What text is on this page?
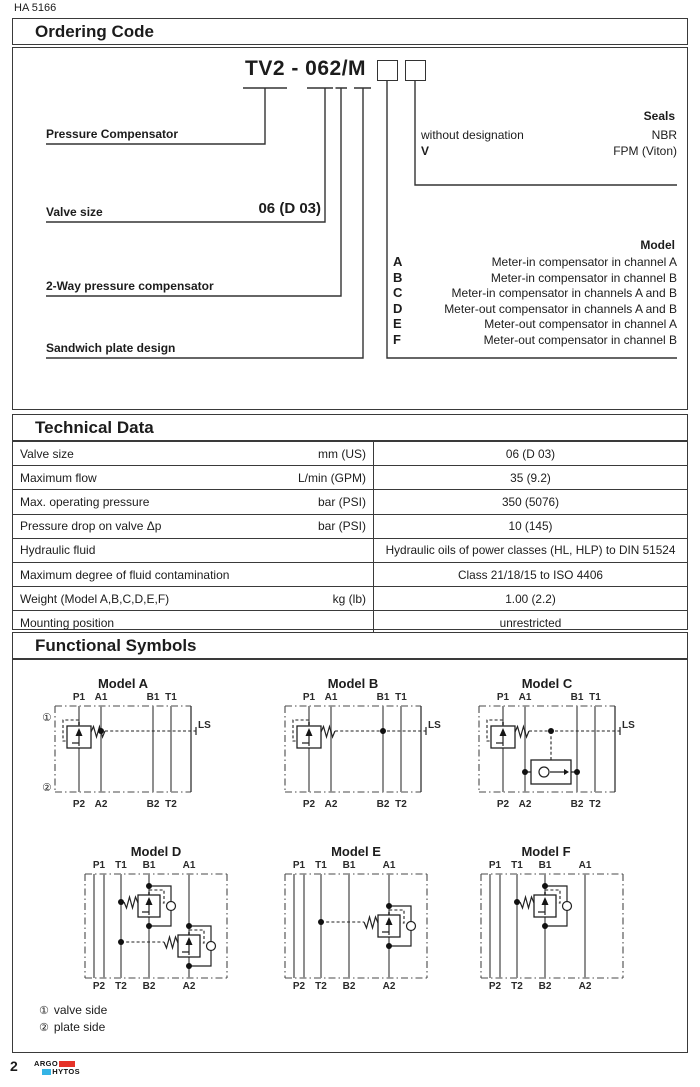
HA 5166
Ordering Code
TV2 - 062/M
Pressure Compensator
Valve size	06 (D 03)
2-Way pressure compensator
Sandwich plate design
Seals
without designation	NBR
V	FPM (Viton)
Model
A	Meter-in compensator in channel A
B	Meter-in compensator in channel B
C	Meter-in compensator in channels A and B
D	Meter-out compensator in channels A and B
E	Meter-out compensator in channel A
F	Meter-out compensator in channel B
Technical Data
Valve size	mm (US)	06 (D 03)
Maximum flow	L/min (GPM)	35 (9.2)
Max. operating pressure	bar (PSI)	350 (5076)
Pressure drop on valve Δp	bar (PSI)	10 (145)
Hydraulic fluid	Hydraulic oils of power classes (HL, HLP) to DIN 51524
Maximum degree of fluid contamination	Class 21/18/15 to ISO 4406
Weight (Model A,B,C,D,E,F)	kg (lb)	1.00 (2.2)
Mounting position	unrestricted
Functional Symbols
Model A	Model B	Model C
P1 A1	B1 T1
①
②
LS
P2 A2	B2 T2
P1 A1	B1 T1
LS
P2 A2	B2 T2
P1 A1	B1 T1
LS
P2 A2	B2 T2
Model D	Model E	Model F
P1 T1 B1	A1
P2 T2 B2	A2
P1 T1 B1	A1
P2 T2 B2	A2
P1 T1 B1	A1
P2 T2 B2	A2
① valve side
② plate side
2 ARGO
HYTOS
